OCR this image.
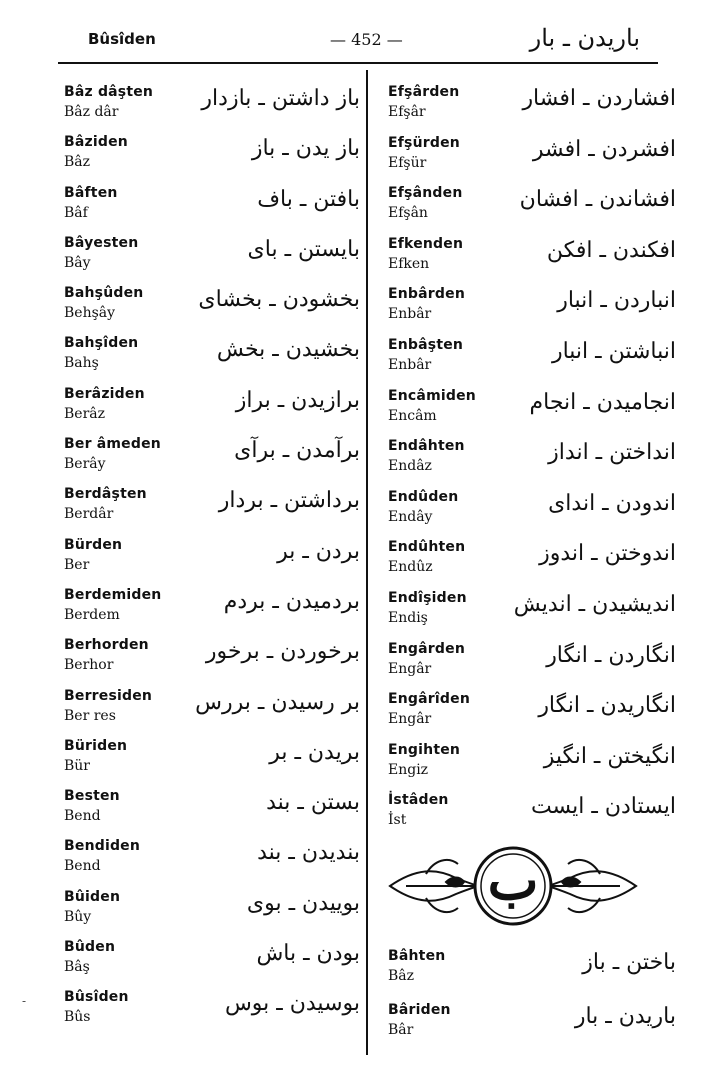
Bûsîden	— 452 —	باریدن ـ بار
Bâz dâşten
Bâz dâr
باز داشتن ـ بازدار
Bâziden
Bâz
باز یدن ـ باز
Bâften
Bâf
بافتن ـ باف
Bâyesten
Bây
بایستن ـ بای
Bahşûden
Behşây
بخشودن ـ بخشای
Bahşîden
Bahş
بخشیدن ـ بخش
Berâziden
Berâz
برازیدن ـ براز
Ber âmeden
Berây
برآمدن ـ برآی
Berdâşten
Berdâr
برداشتن ـ بردار
Bürden
Ber
بردن ـ بر
Berdemiden
Berdem
بردمیدن ـ بردم
Berhorden
Berhor
برخوردن ـ برخور
Berresiden
Ber res
بر رسیدن ـ بررس
Büriden
Bür
بریدن ـ بر
Besten
Bend
بستن ـ بند
Bendiden
Bend
بندیدن ـ بند
Bûiden
Bûy
بوییدن ـ بوی
Bûden
Bâş
بودن ـ باش
Bûsîden
Bûs
بوسیدن ـ بوس
Efşârden
Efşâr
افشاردن ـ افشار
Efşürden
Efşür
افشردن ـ افشر
Efşânden
Efşân
افشاندن ـ افشان
Efkenden
Efken
افکندن ـ افکن
Enbârden
Enbâr
انباردن ـ انبار
Enbâşten
Enbâr
انباشتن ـ انبار
Encâmiden
Encâm
انجامیدن ـ انجام
Endâhten
Endâz
انداختن ـ انداز
Endûden
Endây
اندودن ـ اندای
Endûhten
Endûz
اندوختن ـ اندوز
Endîşiden
Endiş
اندیشیدن ـ اندیش
Engârden
Engâr
انگاردن ـ انگار
Engârîden
Engâr
انگاریدن ـ انگار
Engihten
Engiz
انگیختن ـ انگیز
İstâden
İst
ایستادن ـ ایست
ب
Bâhten
Bâz
باختن ـ باز
Bâriden
Bâr
باریدن ـ بار
-
